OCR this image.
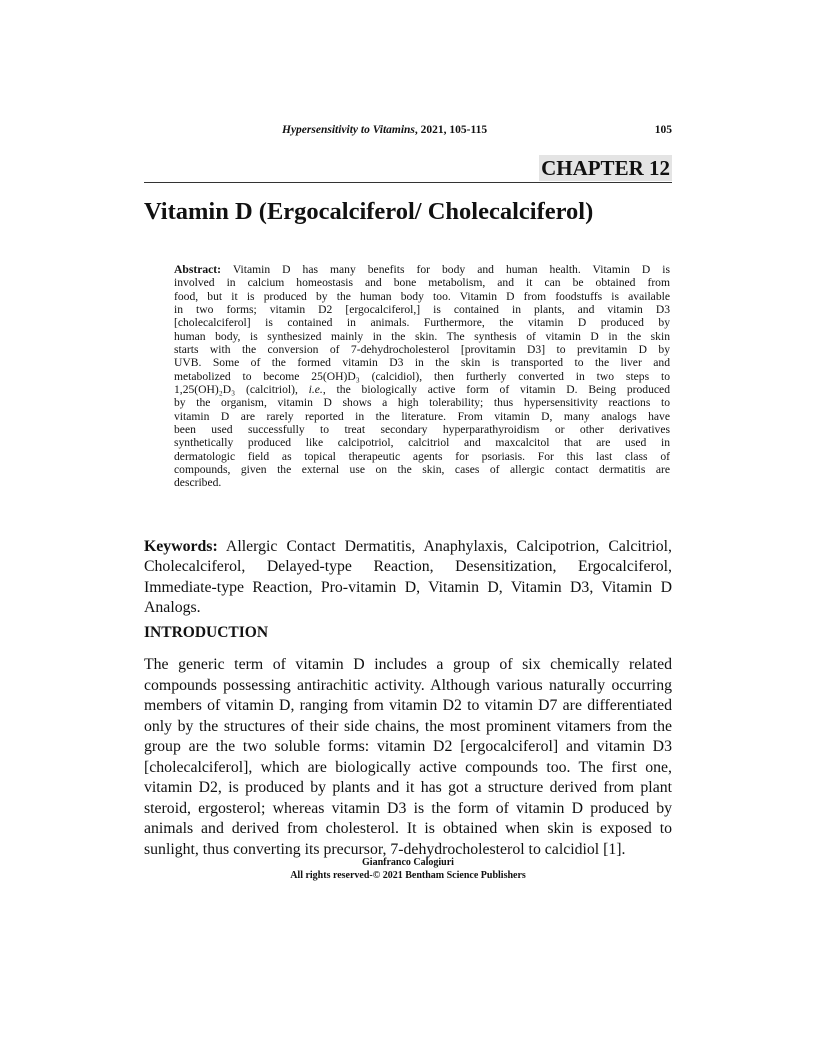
Hypersensitivity to Vitamins, 2021, 105-115	105
CHAPTER 12
Vitamin D (Ergocalciferol/ Cholecalciferol)
Abstract: Vitamin D has many benefits for body and human health. Vitamin D is
involved in calcium homeostasis and bone metabolism, and it can be obtained from
food, but it is produced by the human body too. Vitamin D from foodstuffs is available
in two forms; vitamin D2 [ergocalciferol,] is contained in plants, and vitamin D3
[cholecalciferol] is contained in animals. Furthermore, the vitamin D produced by
human body, is synthesized mainly in the skin. The synthesis of vitamin D in the skin
starts with the conversion of 7-dehydrocholesterol [provitamin D3] to previtamin D by
UVB. Some of the formed vitamin D3 in the skin is transported to the liver and
metabolized to become 25(OH)D₃ (calcidiol), then furtherly converted in two steps to
1,25(OH)₂D₃ (calcitriol), i.e., the biologically active form of vitamin D. Being produced
by the organism, vitamin D shows a high tolerability; thus hypersensitivity reactions to
vitamin D are rarely reported in the literature. From vitamin D, many analogs have
been used successfully to treat secondary hyperparathyroidism or other derivatives
synthetically produced like calcipotriol, calcitriol and maxcalcitol that are used in
dermatologic field as topical therapeutic agents for psoriasis. For this last class of
compounds, given the external use on the skin, cases of allergic contact dermatitis are
described.
Keywords: Allergic Contact Dermatitis, Anaphylaxis, Calcipotrion, Calcitriol,
Cholecalciferol, Delayed-type Reaction, Desensitization, Ergocalciferol,
Immediate-type Reaction, Pro-vitamin D, Vitamin D, Vitamin D3, Vitamin D
Analogs.
INTRODUCTION
The generic term of vitamin D includes a group of six chemically related
compounds possessing antirachitic activity. Although various naturally occurring
members of vitamin D, ranging from vitamin D2 to vitamin D7 are differentiated
only by the structures of their side chains, the most prominent vitamers from the
group are the two soluble forms: vitamin D2 [ergocalciferol] and vitamin D3
[cholecalciferol], which are biologically active compounds too. The first one,
vitamin D2, is produced by plants and it has got a structure derived from plant
steroid, ergosterol; whereas vitamin D3 is the form of vitamin D produced by
animals and derived from cholesterol. It is obtained when skin is exposed to
sunlight, thus converting its precursor, 7-dehydrocholesterol to calcidiol [1].
Gianfranco Calogiuri
All rights reserved-© 2021 Bentham Science Publishers
